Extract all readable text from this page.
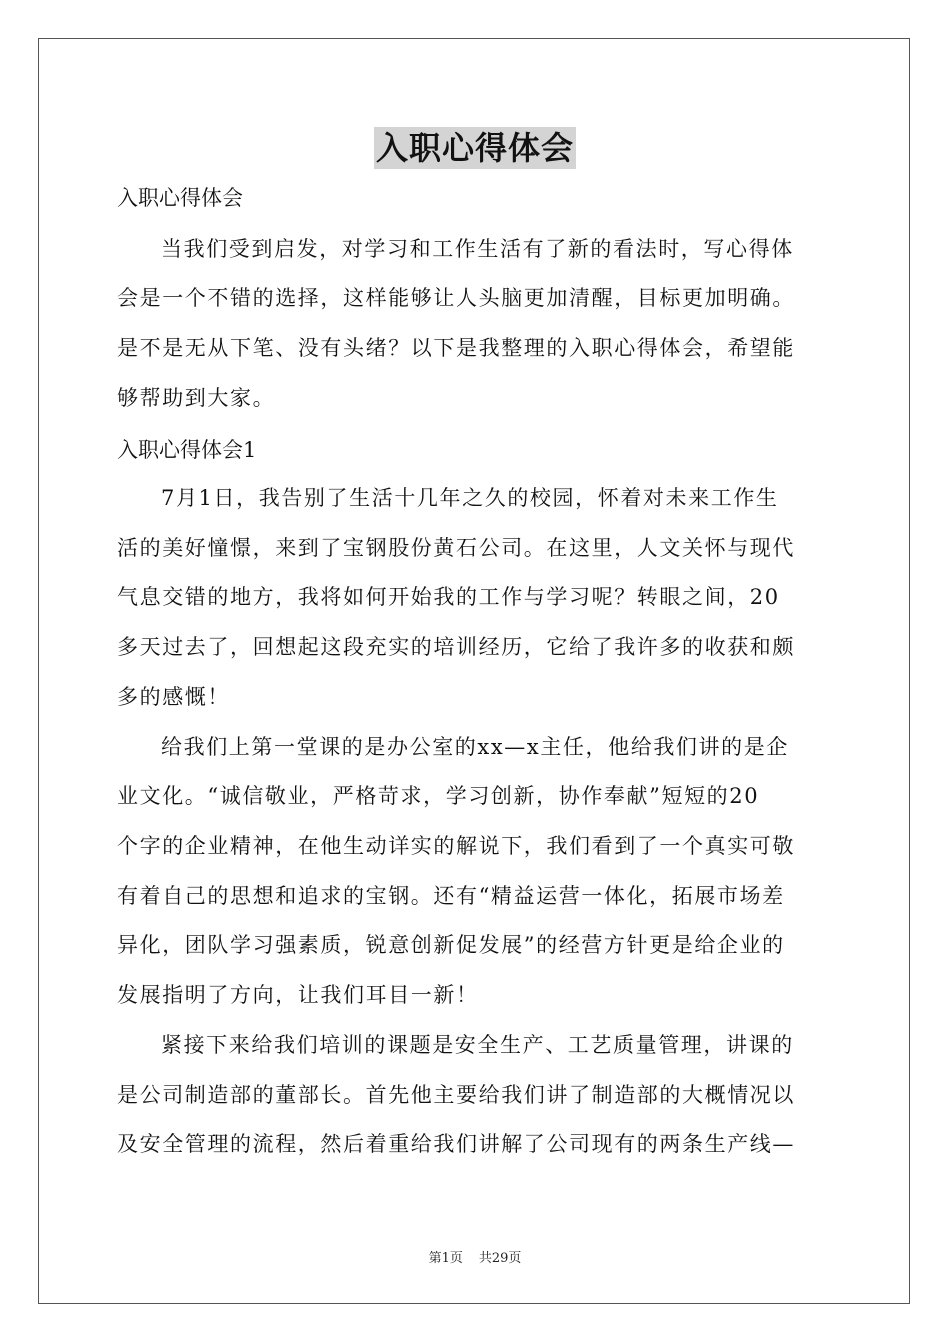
入职心得体会
入职心得体会
当我们受到启发，对学习和工作生活有了新的看法时，写心得体
会是一个不错的选择，这样能够让人头脑更加清醒，目标更加明确。
是不是无从下笔、没有头绪？以下是我整理的入职心得体会，希望能
够帮助到大家。
入职心得体会1
7月1日，我告别了生活十几年之久的校园，怀着对未来工作生
活的美好憧憬，来到了宝钢股份黄石公司。在这里，人文关怀与现代
气息交错的地方，我将如何开始我的工作与学习呢？转眼之间，20
多天过去了，回想起这段充实的培训经历，它给了我许多的收获和颇
多的感慨！
给我们上第一堂课的是办公室的xx—x主任，他给我们讲的是企
业文化。“诚信敬业，严格苛求，学习创新，协作奉献”短短的20
个字的企业精神，在他生动详实的解说下，我们看到了一个真实可敬
有着自己的思想和追求的宝钢。还有“精益运营一体化，拓展市场差
异化，团队学习强素质，锐意创新促发展”的经营方针更是给企业的
发展指明了方向，让我们耳目一新！
紧接下来给我们培训的课题是安全生产、工艺质量管理，讲课的
是公司制造部的董部长。首先他主要给我们讲了制造部的大概情况以
及安全管理的流程，然后着重给我们讲解了公司现有的两条生产线—
第1页 共29页
